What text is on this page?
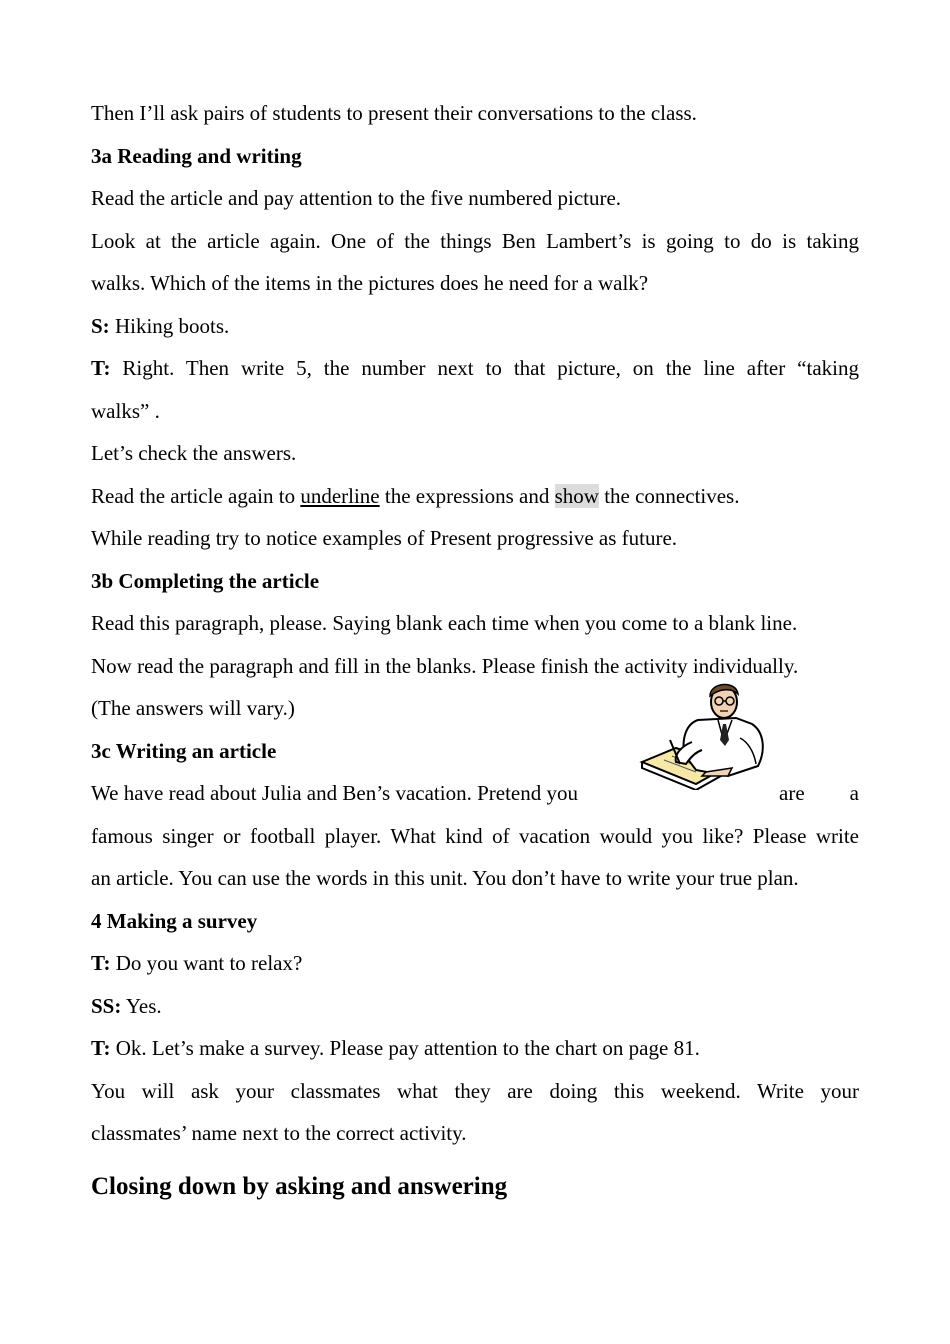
Then I’ll ask pairs of students to present their conversations to the class.

3a Reading and writing

Read the article and pay attention to the five numbered picture.

Look at the article again. One of the things Ben Lambert’s is going to do is taking

walks. Which of the items in the pictures does he need for a walk?

S: Hiking boots.

T: Right. Then write 5, the number next to that picture, on the line after “taking

walks” .

Let’s check the answers.

Read the article again to underline the expressions and show the connectives.

While reading try to notice examples of Present progressive as future.

3b Completing the article

Read this paragraph, please. Saying blank each time when you come to a blank line.

Now read the paragraph and fill in the blanks. Please finish the activity individually.

(The answers will vary.)

3c Writing an article

We have read about Julia and Ben’s vacation. Pretend you	are a

famous singer or football player. What kind of vacation would you like? Please write

an article. You can use the words in this unit. You don’t have to write your true plan.

4 Making a survey

T: Do you want to relax?

SS: Yes.

T: Ok. Let’s make a survey. Please pay attention to the chart on page 81.

You will ask your classmates what they are doing this weekend. Write your

classmates’ name next to the correct activity.

Closing down by asking and answering
